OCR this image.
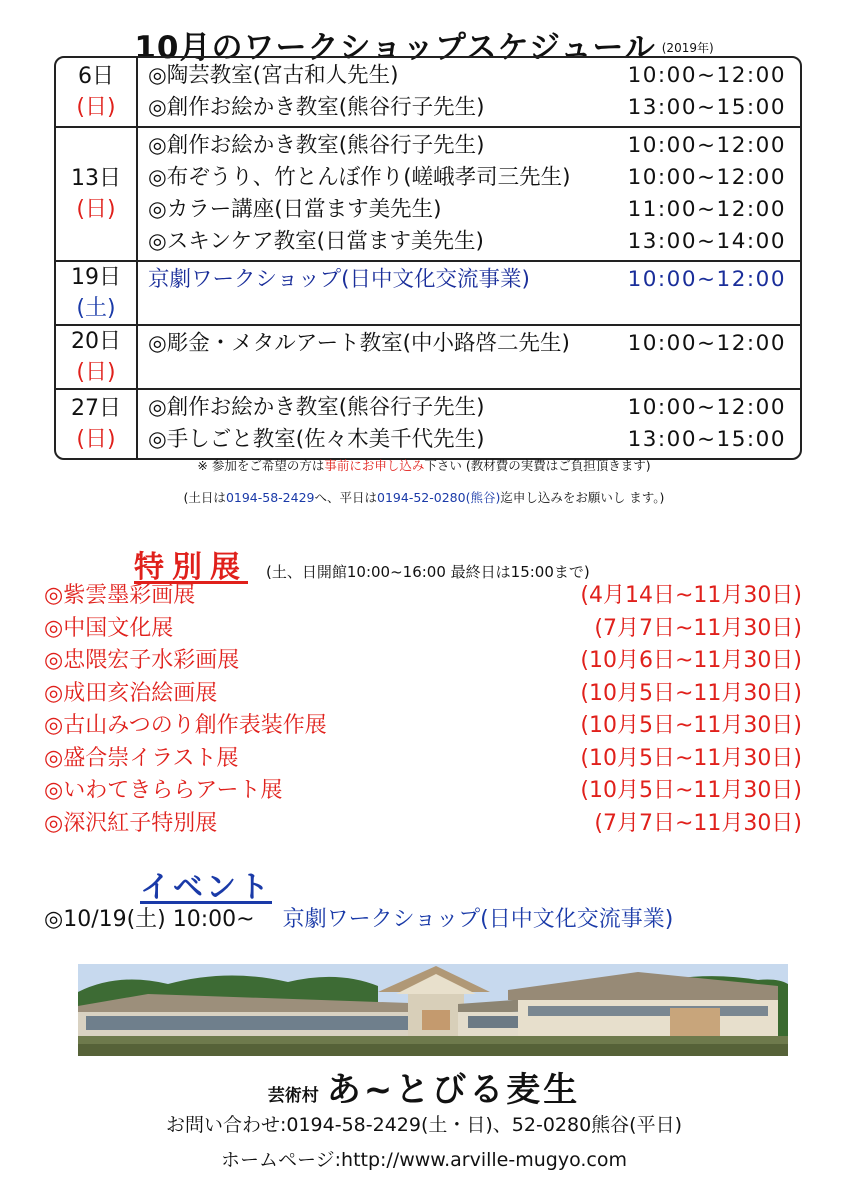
10月のワークショップスケジュール $^{(2019年)}$
6日
(日)
◎陶芸教室(宮古和人先生)	10:00~12:00
◎創作お絵かき教室(熊谷行子先生)	13:00~15:00
13日
(日)
◎創作お絵かき教室(熊谷行子先生)	10:00~12:00
◎布ぞうり、竹とんぼ作り(嵯峨孝司三先生)	10:00~12:00
◎カラー講座(日當ます美先生)	11:00~12:00
◎スキンケア教室(日當ます美先生)	13:00~14:00
19日
(土)
京劇ワークショップ(日中文化交流事業)	10:00~12:00
20日
(日)
◎彫金・メタルアート教室(中小路啓二先生)	10:00~12:00
27日
(日)
◎創作お絵かき教室(熊谷行子先生)	10:00~12:00
◎手しごと教室(佐々木美千代先生)	13:00~15:00
※ 参加をご希望の方は事前にお申し込み下さい (教材費の実費はご負担頂きます)
(土日は0194-58-2429へ、平日は0194-52-0280(熊谷)迄申し込みをお願いし ます。)
特別展 (土、日開館10:00~16:00 最終日は15:00まで)
◎紫雲墨彩画展	(4月14日~11月30日)
◎中国文化展	(7月7日~11月30日)
◎忠隈宏子水彩画展	(10月6日~11月30日)
◎成田亥治絵画展	(10月5日~11月30日)
◎古山みつのり創作表装作展	(10月5日~11月30日)
◎盛合崇イラスト展	(10月5日~11月30日)
◎いわてきららアート展	(10月5日~11月30日)
◎深沢紅子特別展	(7月7日~11月30日)
イベント
◎10/19(土) 10:00~ 京劇ワークショップ(日中文化交流事業)
芸術村 あ~とびる麦生
お問い合わせ:0194-58-2429(土・日)、52-0280熊谷(平日)
ホームページ:http://www.arville-mugyo.com
